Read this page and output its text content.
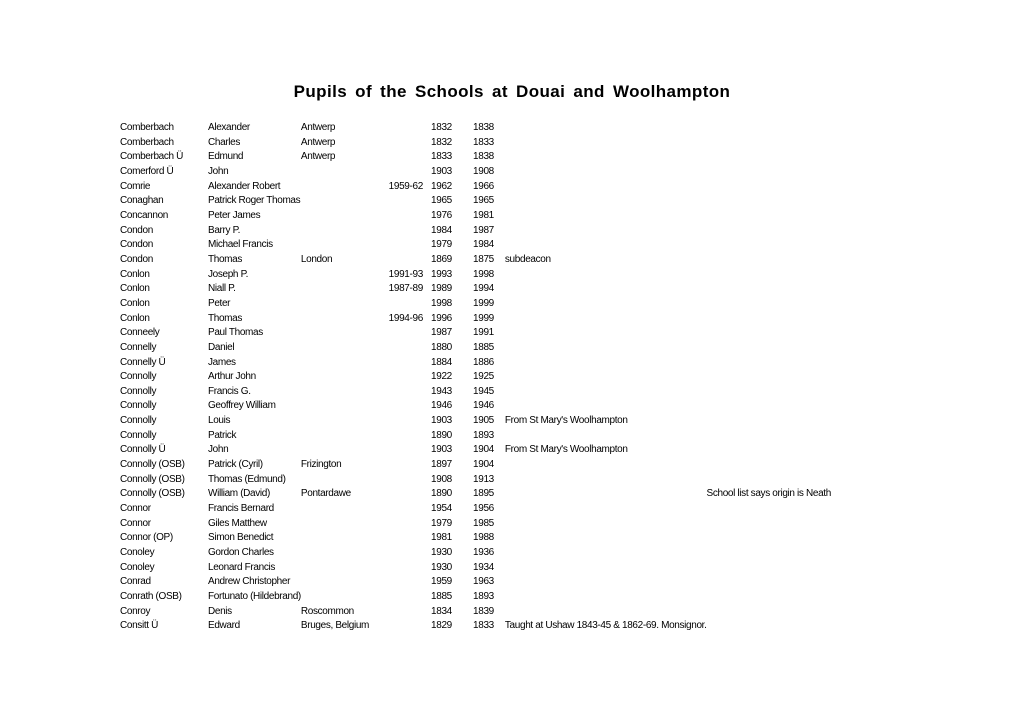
Pupils of the Schools at Douai and Woolhampton
Comberbach	Alexander	Antwerp		1832	1838		
Comberbach	Charles	Antwerp		1832	1833		
Comberbach Ü	Edmund	Antwerp		1833	1838		
Comerford Ü	John			1903	1908		
Comrie	Alexander Robert		1959-62	1962	1966		
Conaghan	Patrick Roger Thomas			1965	1965		
Concannon	Peter James			1976	1981		
Condon	Barry P.			1984	1987		
Condon	Michael Francis			1979	1984		
Condon	Thomas	London		1869	1875	subdeacon	
Conlon	Joseph P.		1991-93	1993	1998		
Conlon	Niall P.		1987-89	1989	1994		
Conlon	Peter			1998	1999		
Conlon	Thomas		1994-96	1996	1999		
Conneely	Paul Thomas			1987	1991		
Connelly	Daniel			1880	1885		
Connelly Ü	James			1884	1886		
Connolly	Arthur John			1922	1925		
Connolly	Francis G.			1943	1945		
Connolly	Geoffrey William			1946	1946		
Connolly	Louis			1903	1905	From St Mary's Woolhampton	
Connolly	Patrick			1890	1893		
Connolly Ü	John			1903	1904	From St Mary's Woolhampton	
Connolly (OSB)	Patrick (Cyril)	Frizington		1897	1904		
Connolly (OSB)	Thomas (Edmund)			1908	1913		
Connolly (OSB)	William (David)	Pontardawe		1890	1895		School list says origin is Neath
Connor	Francis Bernard			1954	1956		
Connor	Giles Matthew			1979	1985		
Connor (OP)	Simon Benedict			1981	1988		
Conoley	Gordon Charles			1930	1936		
Conoley	Leonard Francis			1930	1934		
Conrad	Andrew Christopher			1959	1963		
Conrath (OSB)	Fortunato (Hildebrand)			1885	1893		
Conroy	Denis	Roscommon		1834	1839		
Consitt Ü	Edward	Bruges, Belgium		1829	1833	Taught at Ushaw 1843-45 & 1862-69. Monsignor.	
